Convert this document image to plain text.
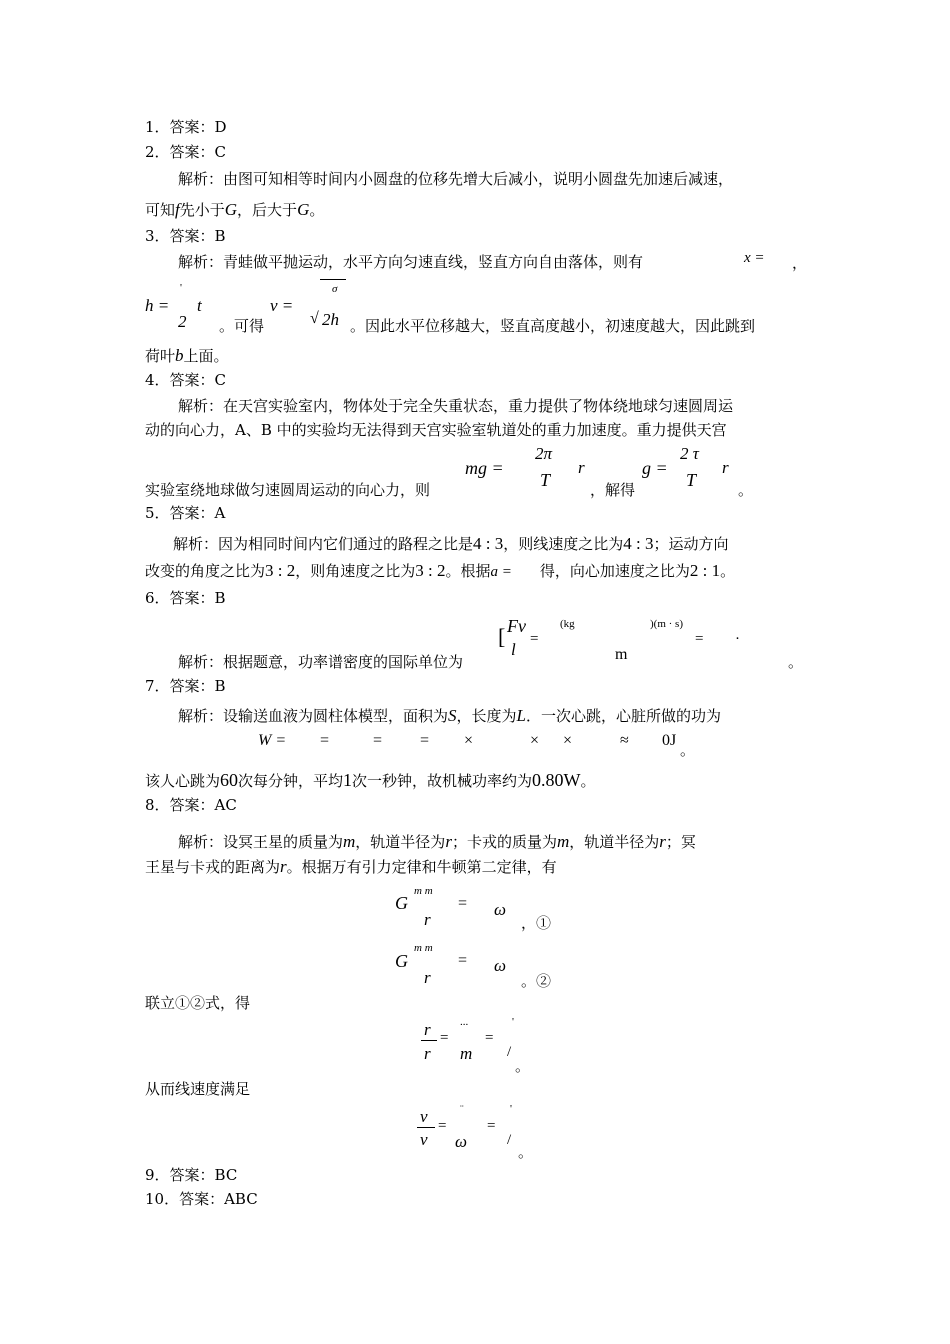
1．答案：D
2．答案：C
解析：由图可知相等时间内小圆盘的位移先增大后减小，说明小圆盘先加速后减速，
可知f先小于G，后大于G。
3．答案：B
解析：青蛙做平抛运动，水平方向匀速直线，竖直方向自由落体，则有	x = ，
h =
'
2
t
。可得
v =
√
σ
2h 。因此水平位移越大，竖直高度越小，初速度越大，因此跳到
荷叶b上面。
4．答案：C
解析：在天宫实验室内，物体处于完全失重状态，重力提供了物体绕地球匀速圆周运
动的向心力，A、B 中的实验均无法得到天宫实验室轨道处的重力加速度。重力提供天宫
实验室绕地球做匀速圆周运动的向心力，则
mg =
2π
T
r
，解得
g =
2 τ
T
r
。
5．答案：A
解析：因为相同时间内它们通过的路程之比是4 : 3，则线速度之比为4 : 3；运动方向
改变的角度之比为3 : 2，则角速度之比为3 : 2。根据a = 得，向心加速度之比为2 : 1。
6．答案：B
[ Fv
l
=
(kg	)(m · s)
m
= ·
解析：根据题意，功率谱密度的国际单位为	。
7．答案：B
解析：设输送血液为圆柱体模型，面积为S，长度为L．一次心跳，心脏所做的功为
W = =	= = ×	× ×	≈ 0J
。
该人心跳为60次每分钟，平均1次一秒钟，故机械功率约为0.80W。
8．答案：AC
解析：设冥王星的质量为m，轨道半径为r；卡戎的质量为m，轨道半径为r；冥
王星与卡戎的距离为r。根据万有引力定律和牛顿第二定律，有
G
m m
r
= ω
，①
G
m m
r
= ω
。②
联立①②式，得
r
r
=
...
m
=
'
/
。
从而线速度满足
v
v
=
¨
ω
=
'
/
。
9．答案：BC
10．答案：ABC
